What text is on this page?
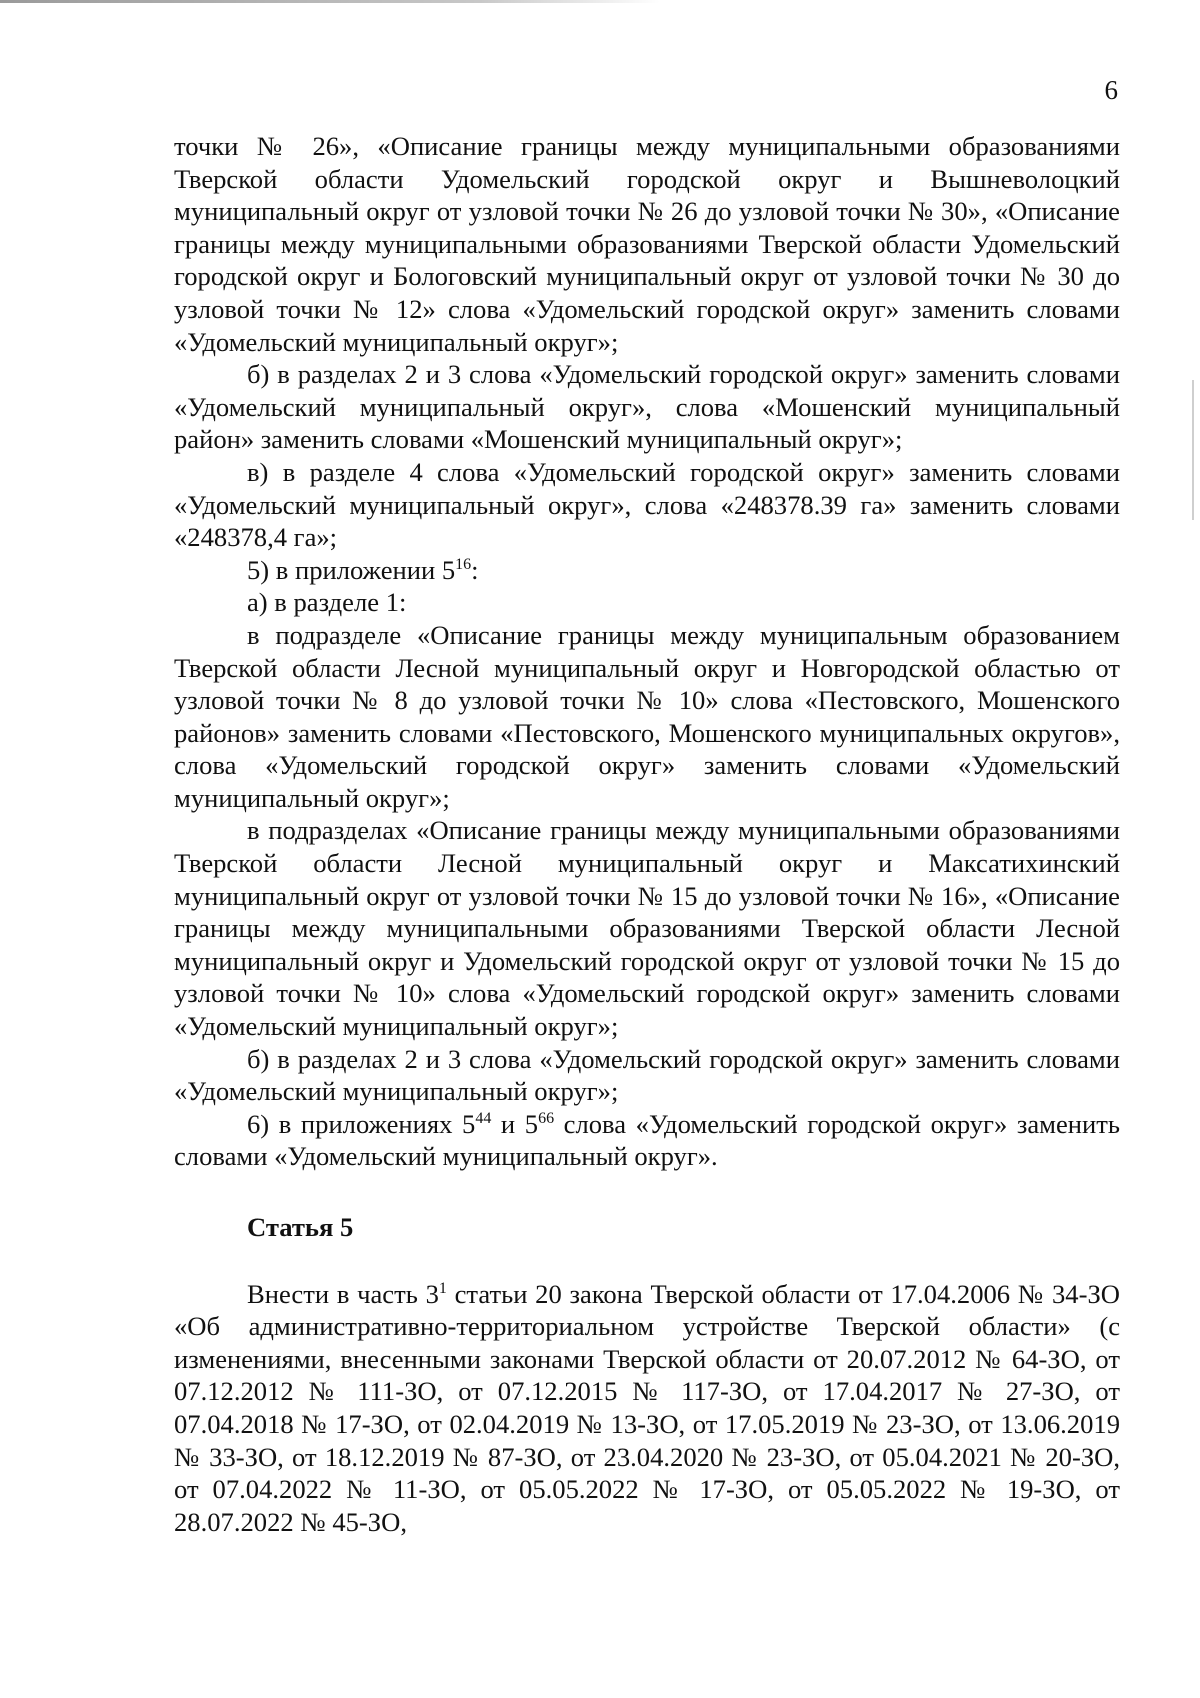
6

точки № 26», «Описание границы между муниципальными образованиями Тверской области Удомельский городской округ и Вышневолоцкий муниципальный округ от узловой точки № 26 до узловой точки № 30», «Описание границы между муниципальными образованиями Тверской области Удомельский городской округ и Бологовский муниципальный округ от узловой точки № 30 до узловой точки № 12» слова «Удомельский городской округ» заменить словами «Удомельский муниципальный округ»;

б) в разделах 2 и 3 слова «Удомельский городской округ» заменить словами «Удомельский муниципальный округ», слова «Мошенский муниципальный район» заменить словами «Мошенский муниципальный округ»;

в) в разделе 4 слова «Удомельский городской округ» заменить словами «Удомельский муниципальный округ», слова «248378.39 га» заменить словами «248378,4 га»;

5) в приложении $5^{16}$:

а) в разделе 1:

в подразделе «Описание границы между муниципальным образованием Тверской области Лесной муниципальный округ и Новгородской областью от узловой точки № 8 до узловой точки № 10» слова «Пестовского, Мошенского районов» заменить словами «Пестовского, Мошенского муниципальных округов», слова «Удомельский городской округ» заменить словами «Удомельский муниципальный округ»;

в подразделах «Описание границы между муниципальными образованиями Тверской области Лесной муниципальный округ и Максатихинский муниципальный округ от узловой точки № 15 до узловой точки № 16», «Описание границы между муниципальными образованиями Тверской области Лесной муниципальный округ и Удомельский городской округ от узловой точки № 15 до узловой точки № 10» слова «Удомельский городской округ» заменить словами «Удомельский муниципальный округ»;

б) в разделах 2 и 3 слова «Удомельский городской округ» заменить словами «Удомельский муниципальный округ»;

6) в приложениях $5^{44}$ и $5^{66}$ слова «Удомельский городской округ» заменить словами «Удомельский муниципальный округ».

Статья 5

Внести в часть $3^1$ статьи 20 закона Тверской области от 17.04.2006 № 34-ЗО «Об административно-территориальном устройстве Тверской области» (с изменениями, внесенными законами Тверской области от 20.07.2012 № 64-ЗО, от 07.12.2012 № 111-ЗО, от 07.12.2015 № 117-ЗО, от 17.04.2017 № 27-ЗО, от 07.04.2018 № 17-ЗО, от 02.04.2019 № 13-ЗО, от 17.05.2019 № 23-ЗО, от 13.06.2019 № 33-ЗО, от 18.12.2019 № 87-ЗО, от 23.04.2020 № 23-ЗО, от 05.04.2021 № 20-ЗО, от 07.04.2022 № 11-ЗО, от 05.05.2022 № 17-ЗО, от 05.05.2022 № 19-ЗО, от 28.07.2022 № 45-ЗО,
